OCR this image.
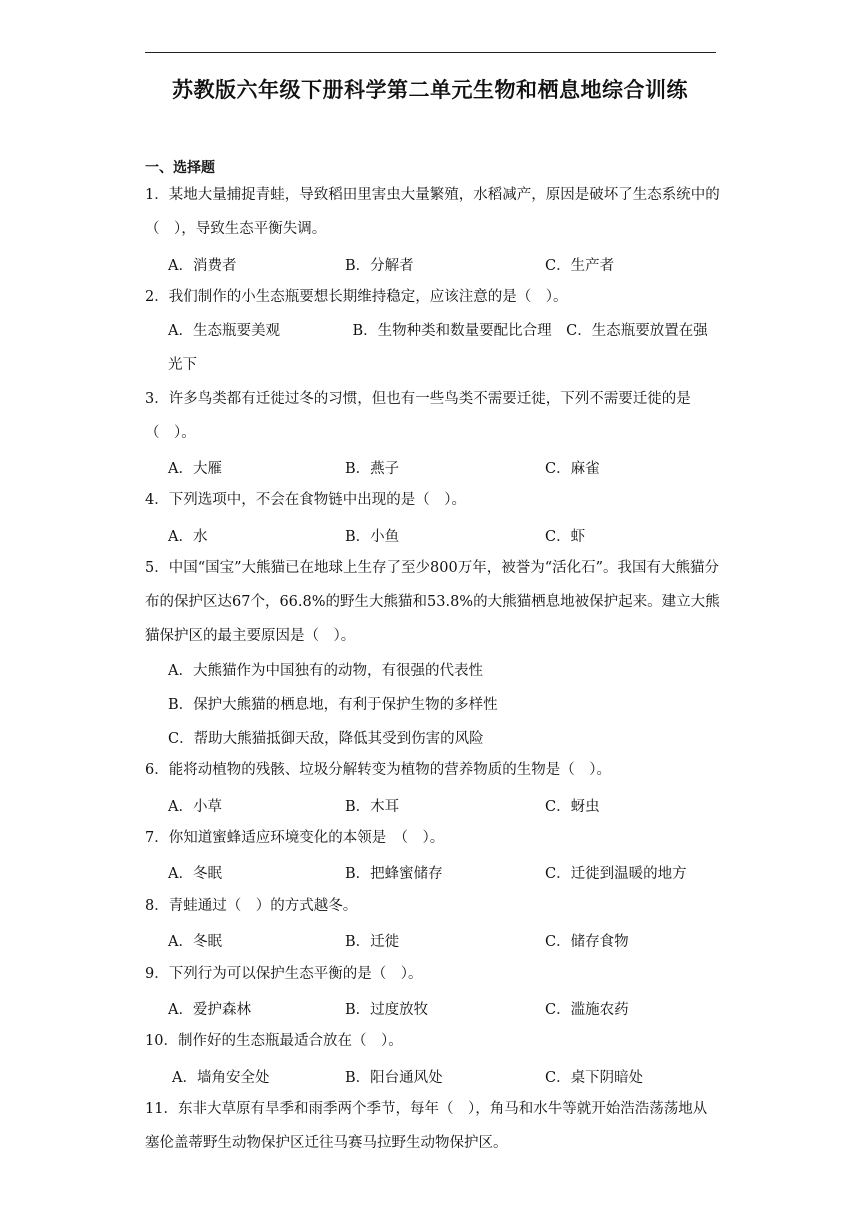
苏教版六年级下册科学第二单元生物和栖息地综合训练
一、选择题
1．某地大量捕捉青蛙，导致稻田里害虫大量繁殖，水稻减产，原因是破坏了生态系统中的（　），导致生态平衡失调。
A．消费者	B．分解者	C．生产者
2．我们制作的小生态瓶要想长期维持稳定，应该注意的是（　）。
A．生态瓶要美观　　　　　B．生物种类和数量要配比合理　C．生态瓶要放置在强光下
3．许多鸟类都有迁徙过冬的习惯，但也有一些鸟类不需要迁徙，下列不需要迁徙的是（　）。
A．大雁	B．燕子	C．麻雀
4．下列选项中，不会在食物链中出现的是（　）。
A．水	B．小鱼	C．虾
5．中国“国宝”大熊猫已在地球上生存了至少800万年，被誉为“活化石”。我国有大熊猫分布的保护区达67个，66.8%的野生大熊猫和53.8%的大熊猫栖息地被保护起来。建立大熊猫保护区的最主要原因是（　）。
A．大熊猫作为中国独有的动物，有很强的代表性
B．保护大熊猫的栖息地，有利于保护生物的多样性
C．帮助大熊猫抵御天敌，降低其受到伤害的风险
6．能将动植物的残骸、垃圾分解转变为植物的营养物质的生物是（　）。
A．小草	B．木耳	C．蚜虫
7．你知道蜜蜂适应环境变化的本领是　（　）。
A．冬眠	B．把蜂蜜储存	C．迁徙到温暖的地方
8．青蛙通过（　）的方式越冬。
A．冬眠	B．迁徙	C．储存食物
9．下列行为可以保护生态平衡的是（　）。
A．爱护森林	B．过度放牧	C．滥施农药
10．制作好的生态瓶最适合放在（　）。
A．墙角安全处	B．阳台通风处	C．桌下阴暗处
11．东非大草原有旱季和雨季两个季节，每年（　），角马和水牛等就开始浩浩荡荡地从塞伦盖蒂野生动物保护区迁往马赛马拉野生动物保护区。
